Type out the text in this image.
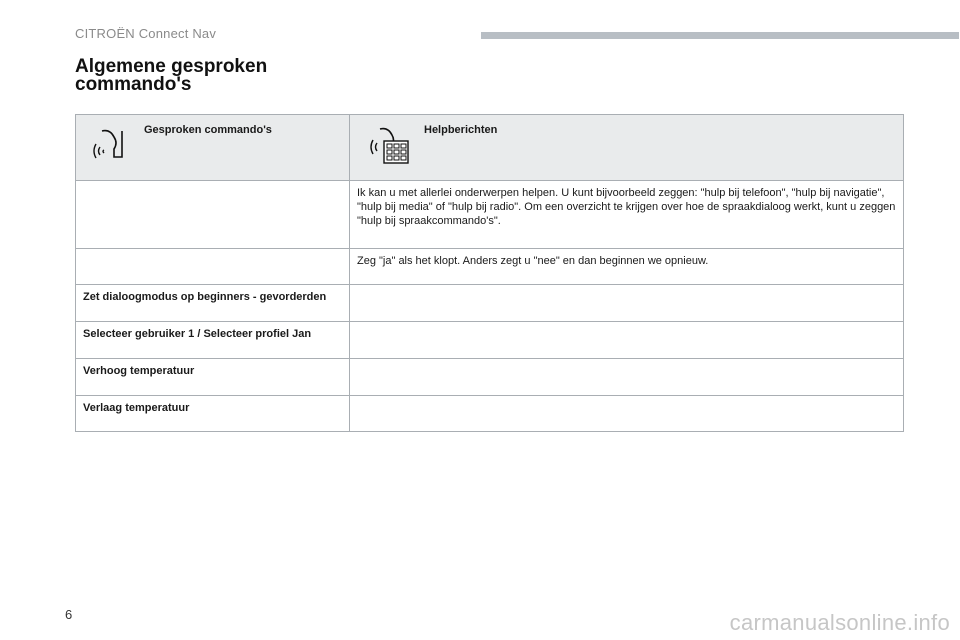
CITROËN Connect Nav
Algemene gesproken commando's
Gesproken commando's	Helpberichten

	Ik kan u met allerlei onderwerpen helpen. U kunt bijvoorbeeld zeggen: "hulp bij telefoon", "hulp bij navigatie", "hulp bij media" of "hulp bij radio". Om een overzicht te krijgen over hoe de spraakdialoog werkt, kunt u zeggen "hulp bij spraakcommando's".

	Zeg "ja" als het klopt. Anders zegt u "nee" en dan beginnen we opnieuw.

Zet dialoogmodus op beginners - gevorderden	

Selecteer gebruiker 1 / Selecteer profiel Jan	

Verhoog temperatuur	

Verlaag temperatuur	

6	carmanualsonline.info
